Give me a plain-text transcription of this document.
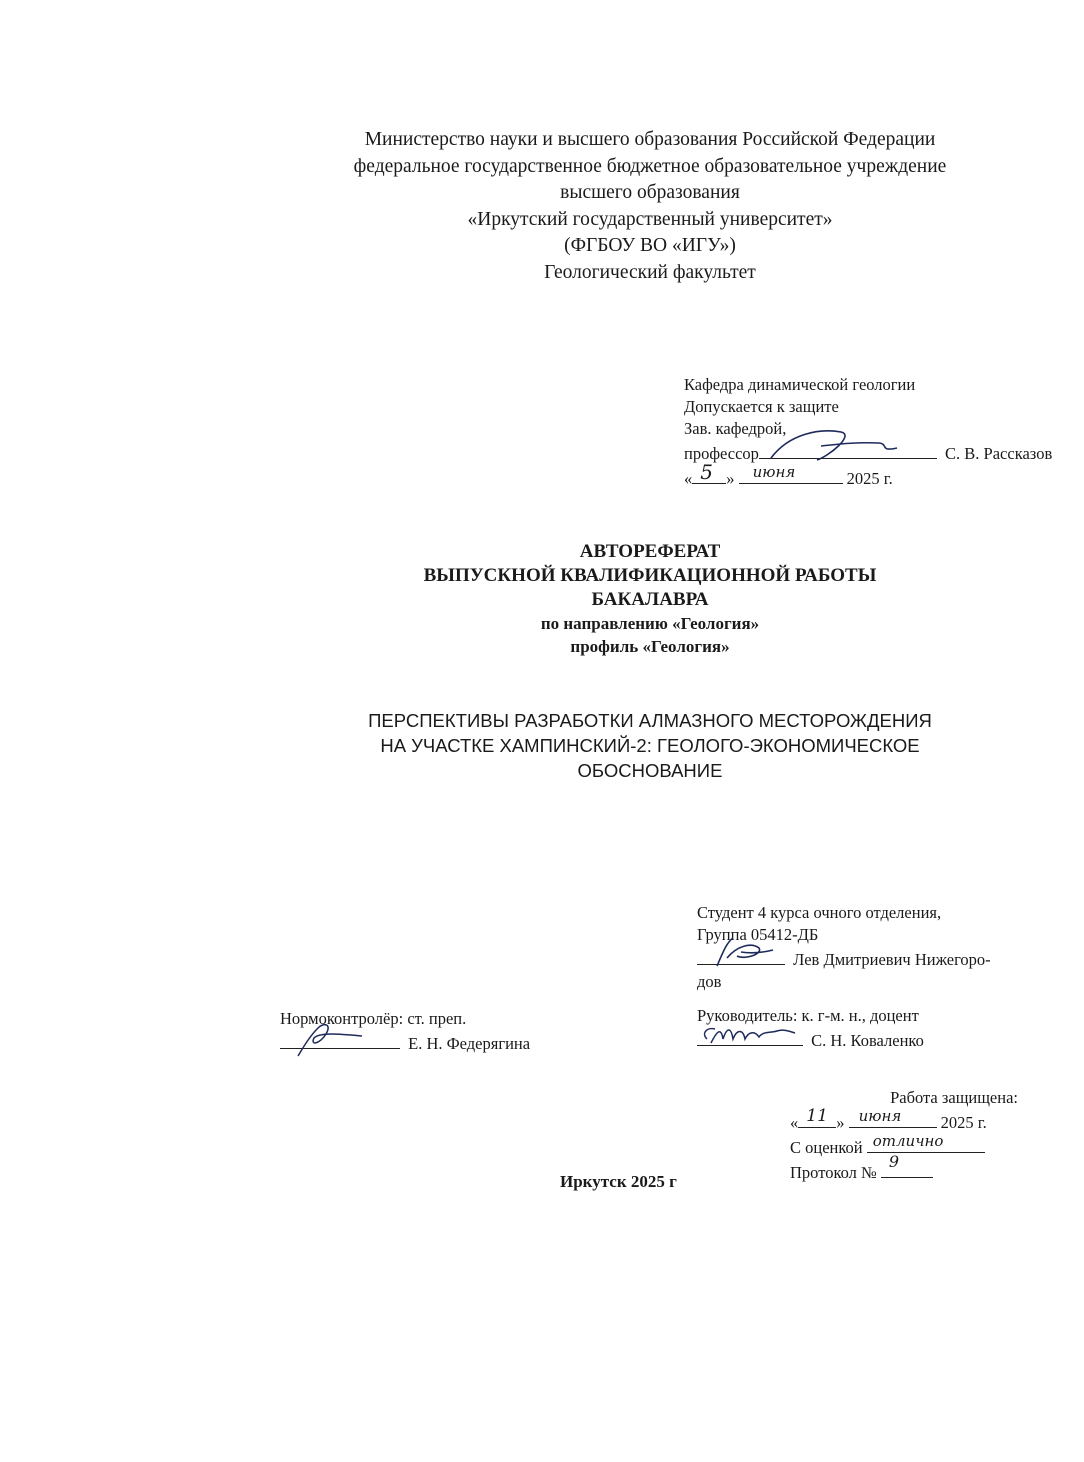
Министерство науки и высшего образования Российской Федерации
федеральное государственное бюджетное образовательное учреждение
высшего образования
«Иркутский государственный университет»
(ФГБОУ ВО «ИГУ»)
Геологический факультет
Кафедра динамической геологии
Допускается к защите
Зав. кафедрой,
профессор	С. В. Рассказов
« 5 » июня	2025 г.
АВТОРЕФЕРАТ
ВЫПУСКНОЙ КВАЛИФИКАЦИОННОЙ РАБОТЫ
БАКАЛАВРА
по направлению «Геология»
профиль «Геология»
ПЕРСПЕКТИВЫ РАЗРАБОТКИ АЛМАЗНОГО МЕСТОРОЖДЕНИЯ
НА УЧАСТКЕ ХАМПИНСКИЙ-2: ГЕОЛОГО-ЭКОНОМИЧЕСКОЕ
ОБОСНОВАНИЕ
Студент 4 курса очного отделения,
Группа 05412-ДБ
Лев Дмитриевич Нижегоро-
дов
Нормоконтролёр: ст. преп.
Е. Н. Федерягина
Руководитель: к. г-м. н., доцент
С. Н. Коваленко
Работа защищена:
« 11 » июня 2025 г.
С оценкой отлично
Протокол №
9
Иркутск 2025 г
